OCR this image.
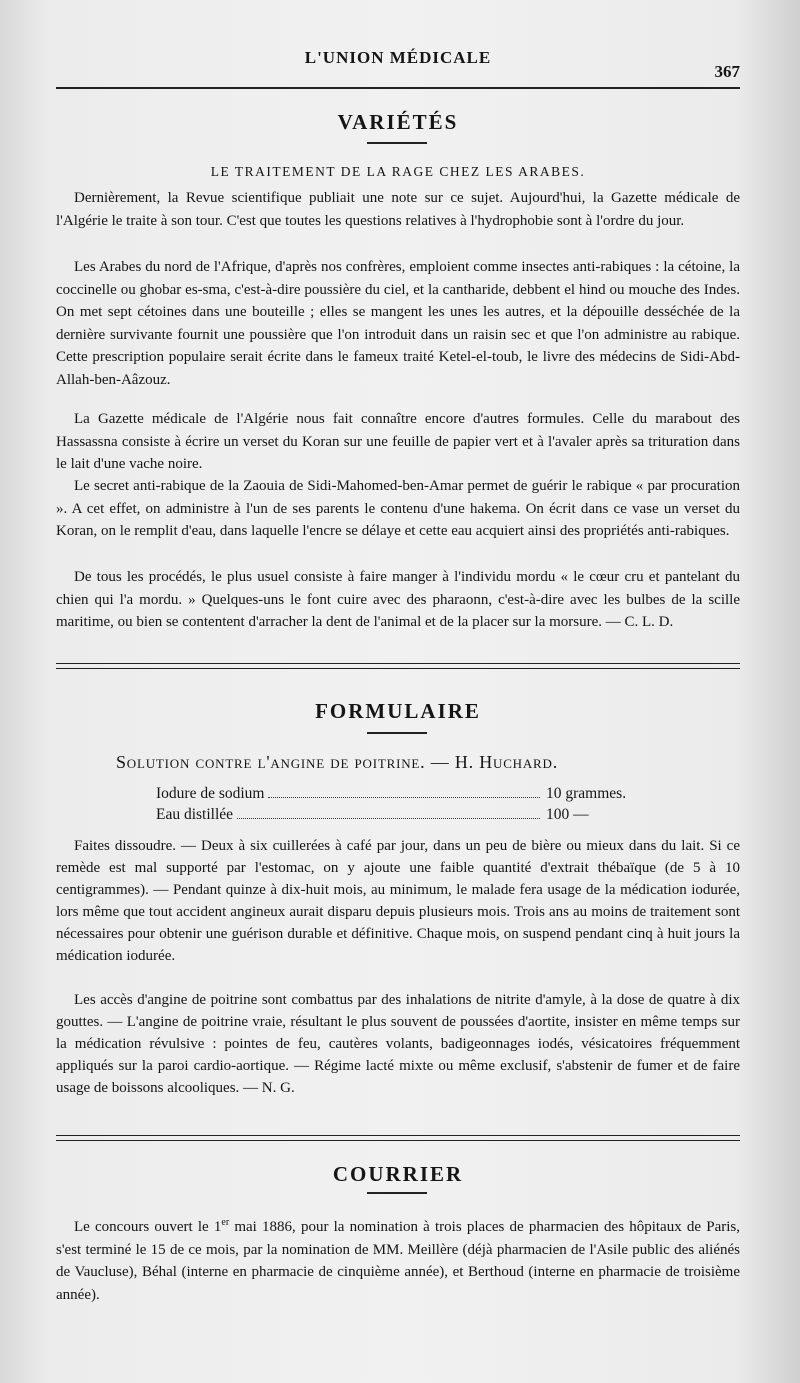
L'UNION MÉDICALE
367
VARIÉTÉS
LE TRAITEMENT DE LA RAGE CHEZ LES ARABES.

Dernièrement, la Revue scientifique publiait une note sur ce sujet. Aujourd'hui, la Gazette médicale de l'Algérie le traite à son tour. C'est que toutes les questions relatives à l'hydrophobie sont à l'ordre du jour.

Les Arabes du nord de l'Afrique, d'après nos confrères, emploient comme insectes anti-rabiques : la cétoine, la coccinelle ou ghobar es-sma, c'est-à-dire poussière du ciel, et la cantharide, debbent el hind ou mouche des Indes. On met sept cétoines dans une bouteille ; elles se mangent les unes les autres, et la dépouille desséchée de la dernière survivante fournit une poussière que l'on introduit dans un raisin sec et que l'on administre au rabique. Cette prescription populaire serait écrite dans le fameux traité Ketel-el-toub, le livre des médecins de Sidi-Abd-Allah-ben-Aâzouz.

La Gazette médicale de l'Algérie nous fait connaître encore d'autres formules. Celle du marabout des Hassassna consiste à écrire un verset du Koran sur une feuille de papier vert et à l'avaler après sa trituration dans le lait d'une vache noire.

Le secret anti-rabique de la Zaouia de Sidi-Mahomed-ben-Amar permet de guérir le rabique « par procuration ». A cet effet, on administre à l'un de ses parents le contenu d'une hakema. On écrit dans ce vase un verset du Koran, on le remplit d'eau, dans laquelle l'encre se délaye et cette eau acquiert ainsi des propriétés anti-rabiques.

De tous les procédés, le plus usuel consiste à faire manger à l'individu mordu « le cœur cru et pantelant du chien qui l'a mordu. » Quelques-uns le font cuire avec des pharaonn, c'est-à-dire avec les bulbes de la scille maritime, ou bien se contentent d'arracher la dent de l'animal et de la placer sur la morsure. — C. L. D.

FORMULAIRE
Solution contre l'angine de poitrine. — H. Huchard.
Iodure de sodium	10 grammes.
Eau distillée	100 —

Faites dissoudre. — Deux à six cuillerées à café par jour, dans un peu de bière ou mieux dans du lait. Si ce remède est mal supporté par l'estomac, on y ajoute une faible quantité d'extrait thébaïque (de 5 à 10 centigrammes). — Pendant quinze à dix-huit mois, au minimum, le malade fera usage de la médication iodurée, lors même que tout accident angineux aurait disparu depuis plusieurs mois. Trois ans au moins de traitement sont nécessaires pour obtenir une guérison durable et définitive. Chaque mois, on suspend pendant cinq à huit jours la médication iodurée.

Les accès d'angine de poitrine sont combattus par des inhalations de nitrite d'amyle, à la dose de quatre à dix gouttes. — L'angine de poitrine vraie, résultant le plus souvent de poussées d'aortite, insister en même temps sur la médication révulsive : pointes de feu, cautères volants, badigeonnages iodés, vésicatoires fréquemment appliqués sur la paroi cardio-aortique. — Régime lacté mixte ou même exclusif, s'abstenir de fumer et de faire usage de boissons alcooliques. — N. G.

COURRIER

Le concours ouvert le 1er mai 1886, pour la nomination à trois places de pharmacien des hôpitaux de Paris, s'est terminé le 15 de ce mois, par la nomination de MM. Meillère (déjà pharmacien de l'Asile public des aliénés de Vaucluse), Béhal (interne en pharmacie de cinquième année), et Berthoud (interne en pharmacie de troisième année).
